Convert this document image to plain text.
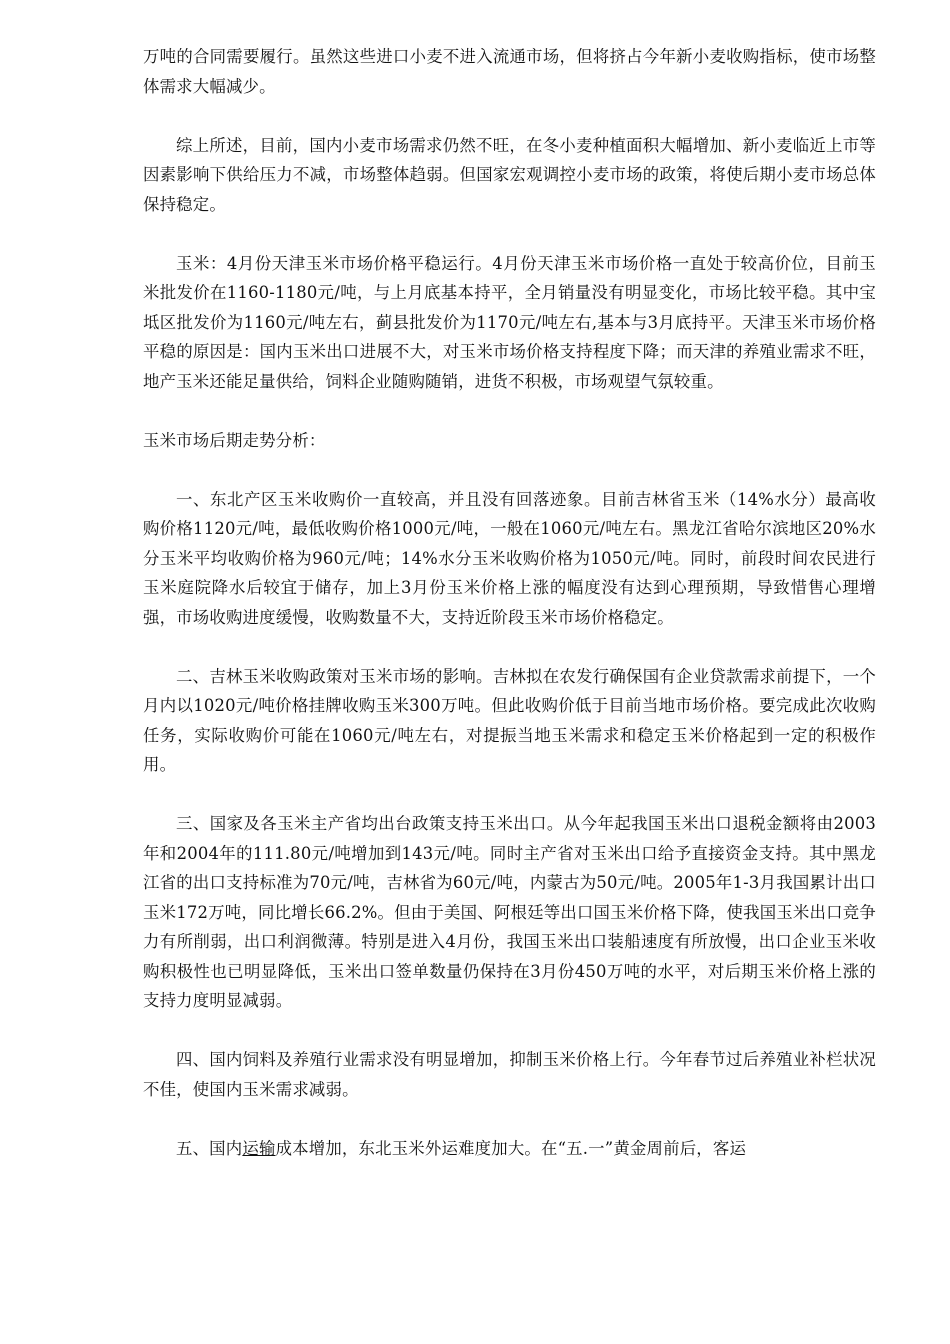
万吨的合同需要履行。虽然这些进口小麦不进入流通市场，但将挤占今年新小麦收购指标，使市场整体需求大幅减少。

综上所述，目前，国内小麦市场需求仍然不旺，在冬小麦种植面积大幅增加、新小麦临近上市等因素影响下供给压力不减，市场整体趋弱。但国家宏观调控小麦市场的政策，将使后期小麦市场总体保持稳定。

玉米：4月份天津玉米市场价格平稳运行。4月份天津玉米市场价格一直处于较高价位，目前玉米批发价在1160-1180元/吨，与上月底基本持平，全月销量没有明显变化，市场比较平稳。其中宝坻区批发价为1160元/吨左右，蓟县批发价为1170元/吨左右,基本与3月底持平。天津玉米市场价格平稳的原因是：国内玉米出口进展不大，对玉米市场价格支持程度下降；而天津的养殖业需求不旺，地产玉米还能足量供给，饲料企业随购随销，进货不积极，市场观望气氛较重。

玉米市场后期走势分析：

一、东北产区玉米收购价一直较高，并且没有回落迹象。目前吉林省玉米（14%水分）最高收购价格1120元/吨，最低收购价格1000元/吨，一般在1060元/吨左右。黑龙江省哈尔滨地区20%水分玉米平均收购价格为960元/吨；14%水分玉米收购价格为1050元/吨。同时，前段时间农民进行玉米庭院降水后较宜于储存，加上3月份玉米价格上涨的幅度没有达到心理预期，导致惜售心理增强，市场收购进度缓慢，收购数量不大，支持近阶段玉米市场价格稳定。

二、吉林玉米收购政策对玉米市场的影响。吉林拟在农发行确保国有企业贷款需求前提下，一个月内以1020元/吨价格挂牌收购玉米300万吨。但此收购价低于目前当地市场价格。要完成此次收购任务，实际收购价可能在1060元/吨左右，对提振当地玉米需求和稳定玉米价格起到一定的积极作用。

三、国家及各玉米主产省均出台政策支持玉米出口。从今年起我国玉米出口退税金额将由2003年和2004年的111.80元/吨增加到143元/吨。同时主产省对玉米出口给予直接资金支持。其中黑龙江省的出口支持标准为70元/吨，吉林省为60元/吨，内蒙古为50元/吨。2005年1-3月我国累计出口玉米172万吨，同比增长66.2%。但由于美国、阿根廷等出口国玉米价格下降，使我国玉米出口竞争力有所削弱，出口利润微薄。特别是进入4月份，我国玉米出口装船速度有所放慢，出口企业玉米收购积极性也已明显降低，玉米出口签单数量仍保持在3月份450万吨的水平，对后期玉米价格上涨的支持力度明显减弱。

四、国内饲料及养殖行业需求没有明显增加，抑制玉米价格上行。今年春节过后养殖业补栏状况不佳，使国内玉米需求减弱。

五、国内运输成本增加，东北玉米外运难度加大。在“五.一”黄金周前后，客运
